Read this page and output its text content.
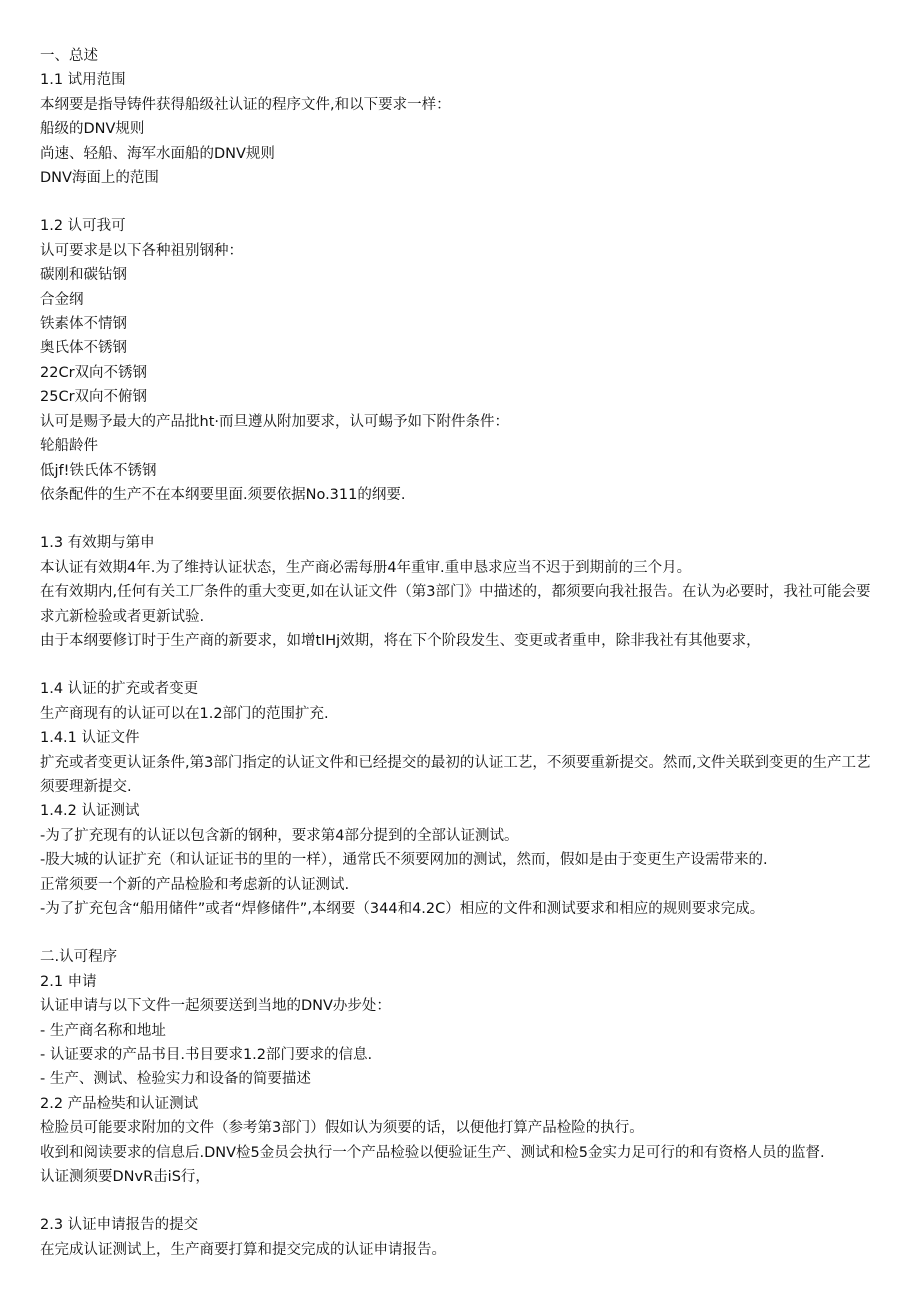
一、总述
1.1 试用范围
本纲要是指导铸件获得船级社认证的程序文件,和以下要求一样：
船级的DNV规则
尚速、轻船、海军水面船的DNV规则
DNV海面上的范围
1.2 认可我可
认可要求是以下各种祖别钢种：
碳刚和碳钻钢
合金纲
铁素体不情钢
奥氏体不锈钢
22Cr双向不锈钢
25Cr双向不俯钢
认可是赐予最大的产品批ht·而旦遵从附加要求，认可蜴予如下附件条件：
轮船龄件
低jf!铁氏体不锈钢
依条配件的生产不在本纲要里面.须要依据No.311的纲要.
1.3 有效期与第申
本认证有效期4年.为了维持认证状态，生产商必需每册4年重审.重申恳求应当不迟于到期前的三个月。
在有效期内,任何有关工厂条件的重大变更,如在认证文件（第3部门》中描述的，都须要向我社报告。在认为必要时，我社可能会要求亢新检验或者更新试验.
由于本纲要修订时于生产商的新要求，如增tlHj效期，将在下个阶段发生、变更或者重申，除非我社有其他要求，
1.4 认证的扩充或者变更
生产商现有的认证可以在1.2部门的范围扩充.
1.4.1 认证文件
扩充或者变更认证条件,第3部门指定的认证文件和已经提交的最初的认证工艺，不须要重新提交。然而,文件关联到变更的生产工艺须要理新提交.
1.4.2 认证测试
-为了扩充现有的认证以包含新的钢种，要求第4部分提到的全部认证测试。
-股大城的认证扩充（和认证证书的里的一样），通常氏不须要网加的测试，然而，假如是由于变更生产设需带来的.
正常须要一个新的产品检脸和考虑新的认证测试.
-为了扩充包含“船用储件”或者“焊修储件”,本纲要（344和4.2C）相应的文件和测试要求和相应的规则要求完成。
二.认可程序
2.1 申请
认证申请与以下文件一起须要送到当地的DNV办步处：
- 生产商名称和地址
- 认证要求的产品书目.书目要求1.2部门要求的信息.
- 生产、测试、检验实力和设备的简要描述
2.2 产品检奘和认证测试
检脸员可能要求附加的文件（参考第3部门）假如认为须要的话，以便他打算产品检险的执行。
收到和阅读要求的信息后.DNV检5金员会执行一个产品检验以便验证生产、测试和检5金实力足可行的和有资格人员的监督.
认证测须要DNvR击iS行，
2.3 认证申请报告的提交
在完成认证测试上，生产商要打算和提交完成的认证申请报告。
